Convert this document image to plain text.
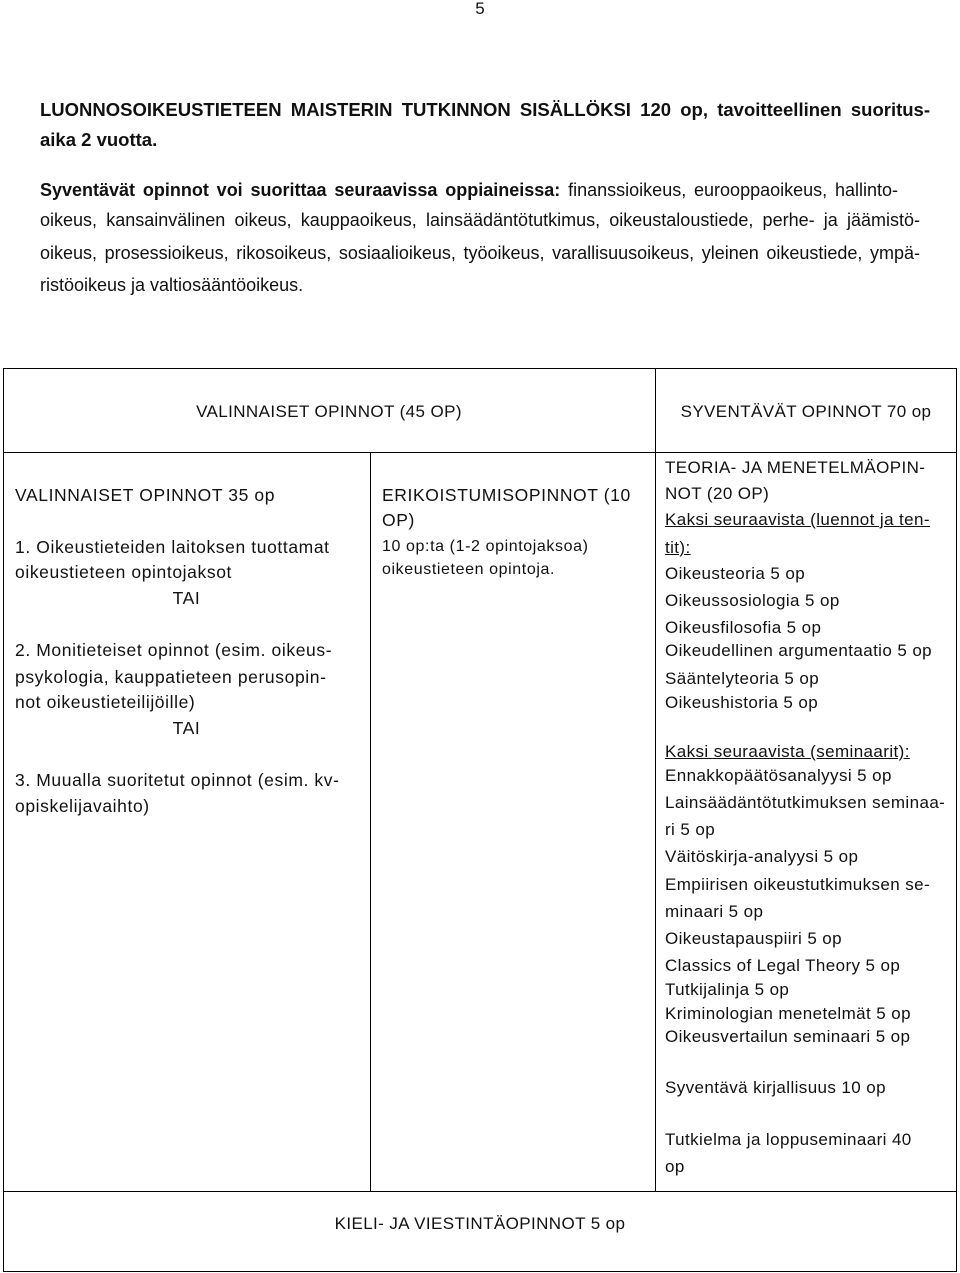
5
LUONNOSOIKEUSTIETEEN MAISTERIN TUTKINNON SISÄLLÖKSI 120 op, tavoitteellinen suoritus-
aika 2 vuotta.
Syventävät opinnot voi suorittaa seuraavissa oppiaineissa: finanssioikeus, eurooppaoikeus, hallinto-
oikeus, kansainvälinen oikeus, kauppaoikeus, lainsäädäntötutkimus, oikeustaloustiede, perhe- ja jäämistö-
oikeus, prosessioikeus, rikosoikeus, sosiaalioikeus, työoikeus, varallisuusoikeus, yleinen oikeustiede, ympä-
ristöoikeus ja valtiosääntöoikeus.
VALINNAISET OPINNOT (45 OP)	SYVENTÄVÄT OPINNOT 70 op
VALINNAISET OPINNOT 35 op
1. Oikeustieteiden laitoksen tuottamat
oikeustieteen opintojaksot
TAI
2. Monitieteiset opinnot (esim. oikeus-
psykologia, kauppatieteen perusopin-
not oikeustieteilijöille)
TAI
3. Muualla suoritetut opinnot (esim. kv-
opiskelijavaihto)
ERIKOISTUMISOPINNOT (10
OP)
10 op:ta (1-2 opintojaksoa)
oikeustieteen opintoja.
TEORIA- JA MENETELMÄOPIN-
NOT (20 OP)
Kaksi seuraavista (luennot ja ten-
tit):
Oikeusteoria 5 op
Oikeussosiologia 5 op
Oikeusfilosofia 5 op
Oikeudellinen argumentaatio 5 op
Sääntelyteoria 5 op
Oikeushistoria 5 op
Kaksi seuraavista (seminaarit):
Ennakkopäätösanalyysi 5 op
Lainsäädäntötutkimuksen seminaa-
ri 5 op
Väitöskirja-analyysi 5 op
Empiirisen oikeustutkimuksen se-
minaari 5 op
Oikeustapauspiiri 5 op
Classics of Legal Theory 5 op
Tutkijalinja 5 op
Kriminologian menetelmät 5 op
Oikeusvertailun seminaari 5 op
Syventävä kirjallisuus 10 op
Tutkielma ja loppuseminaari 40
op
KIELI- JA VIESTINTÄOPINNOT 5 op
